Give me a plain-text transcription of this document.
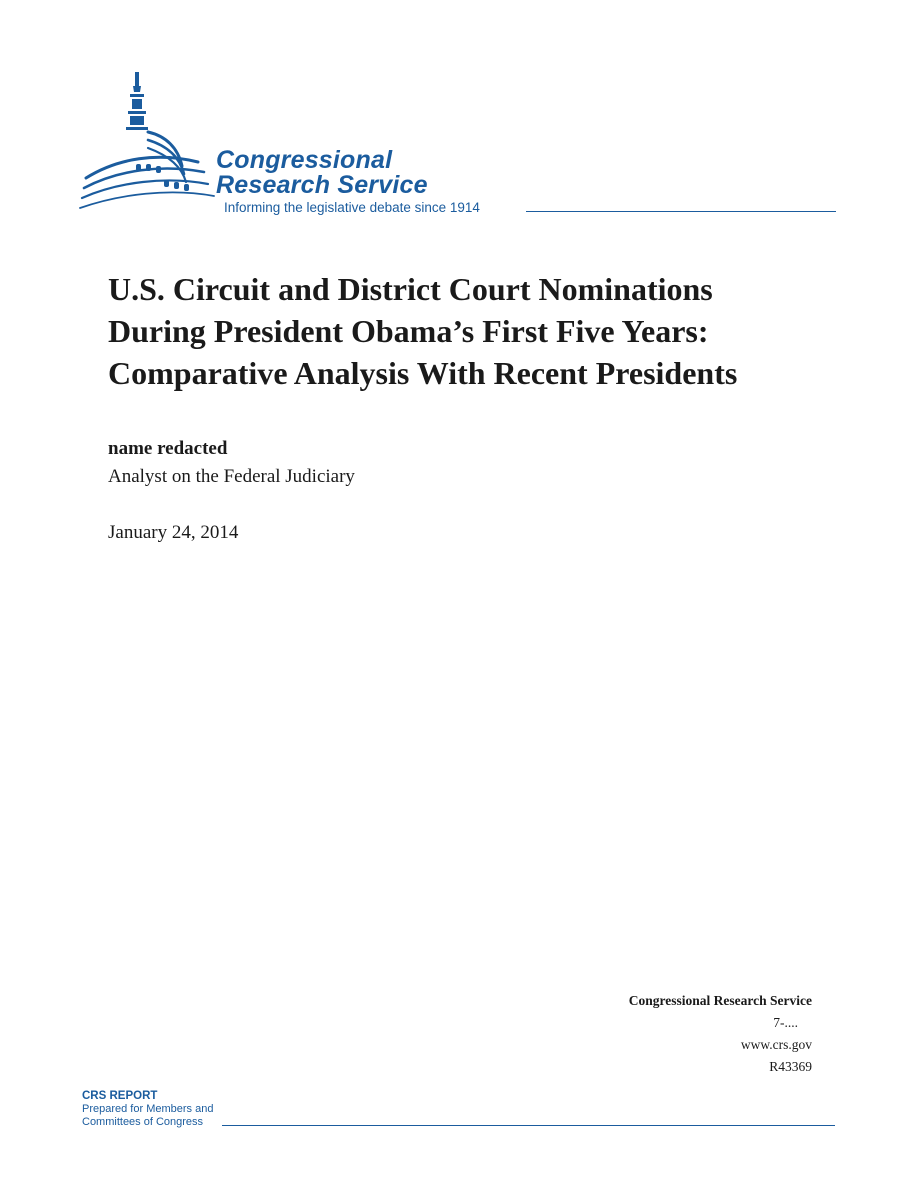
Congressional
Research Service
Informing the legislative debate since 1914
U.S. Circuit and District Court Nominations
During President Obama’s First Five Years:
Comparative Analysis With Recent Presidents

name redacted

Analyst on the Federal Judiciary

January 24, 2014

Congressional Research Service
7-....
www.crs.gov
R43369
CRS REPORT
Prepared for Members and
Committees of Congress
